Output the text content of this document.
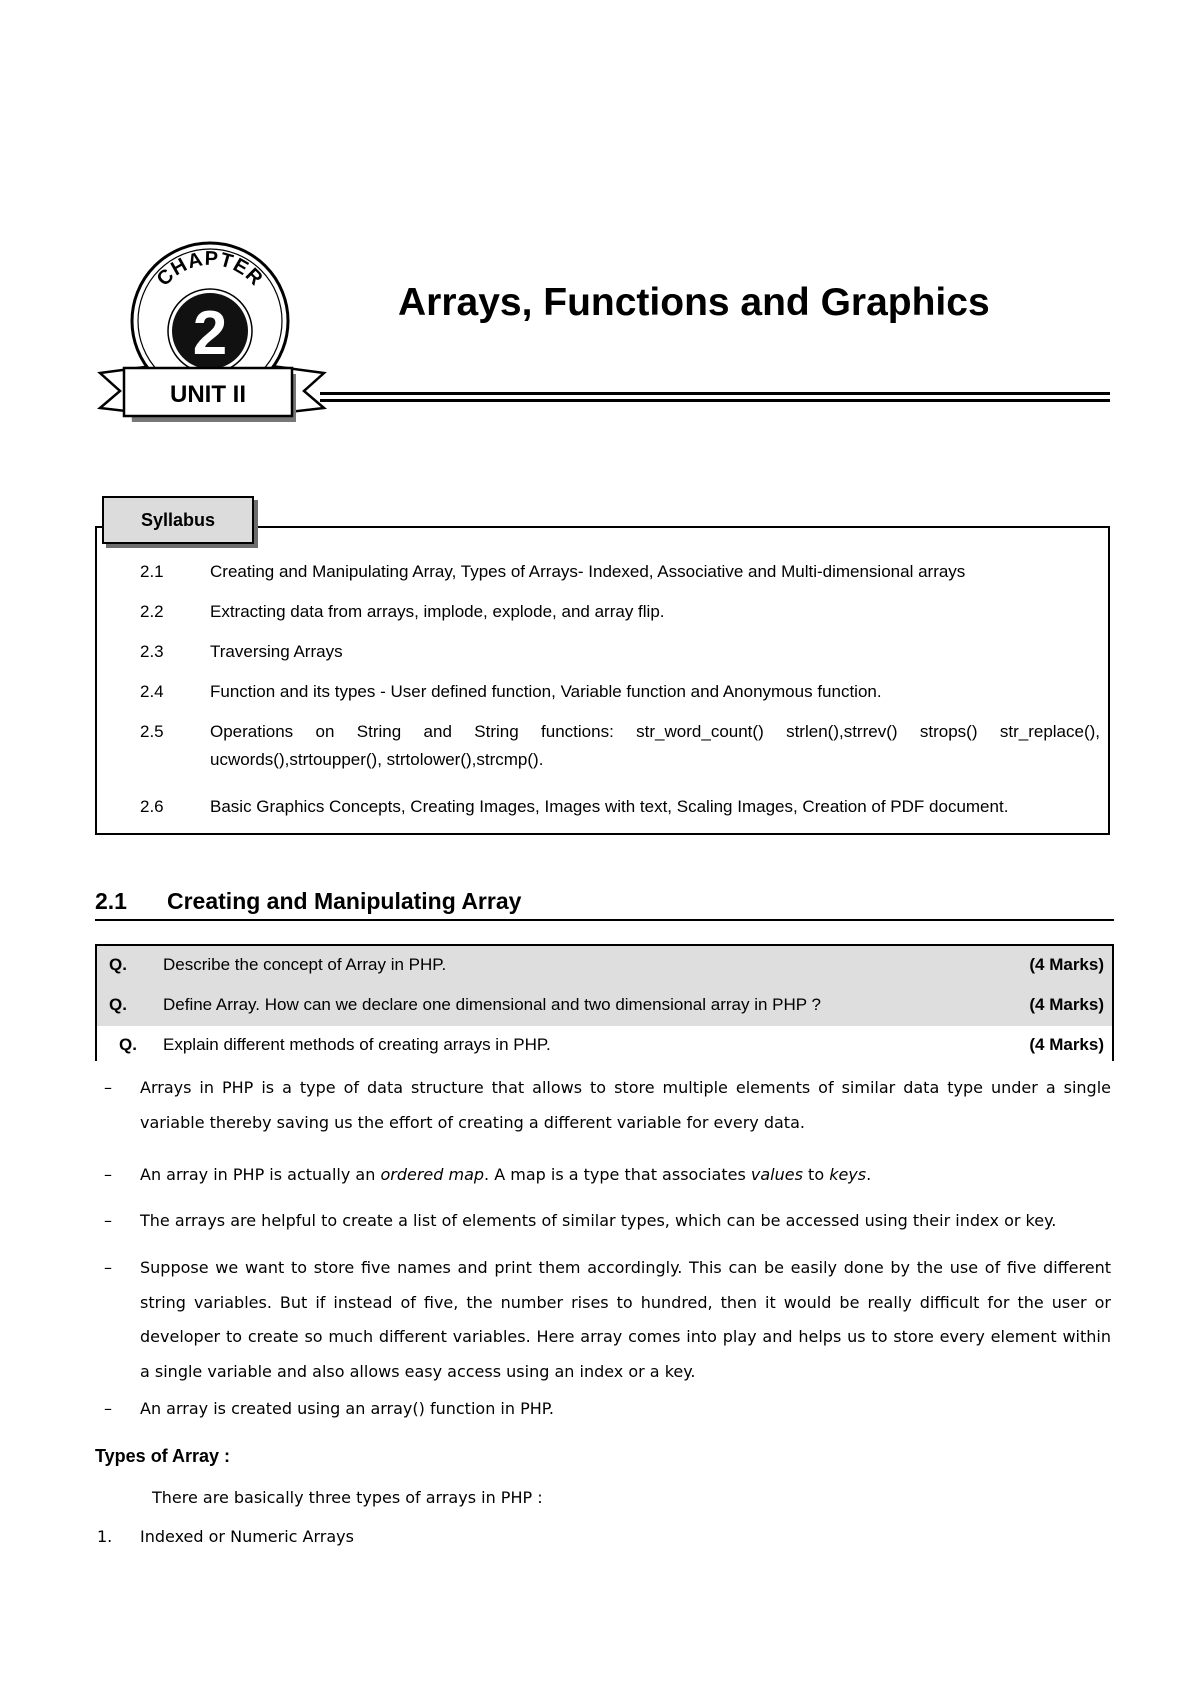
CHAPTER
2
UNIT II
Arrays, Functions and Graphics
Syllabus
2.1	Creating and Manipulating Array, Types of Arrays- Indexed, Associative and Multi-dimensional arrays
2.2	Extracting data from arrays, implode, explode, and array flip.
2.3	Traversing Arrays
2.4	Function and its types - User defined function, Variable function and Anonymous function.
2.5	Operations on String and String functions: str_word_count() strlen(),strrev() strops() str_replace(),
ucwords(),strtoupper(), strtolower(),strcmp().
2.6	Basic Graphics Concepts, Creating Images, Images with text, Scaling Images, Creation of PDF document.
2.1 Creating and Manipulating Array
Q. Describe the concept of Array in PHP.	(4 Marks)
Q. Define Array. How can we declare one dimensional and two dimensional array in PHP ?	(4 Marks)
Q. Explain different methods of creating arrays in PHP.	(4 Marks)
– Arrays in PHP is a type of data structure that allows to store multiple elements of similar data type under a single variable thereby saving us the effort of creating a different variable for every data.
– An array in PHP is actually an ordered map. A map is a type that associates values to keys.
– The arrays are helpful to create a list of elements of similar types, which can be accessed using their index or key.
– Suppose we want to store five names and print them accordingly. This can be easily done by the use of five different string variables. But if instead of five, the number rises to hundred, then it would be really difficult for the user or developer to create so much different variables. Here array comes into play and helps us to store every element within a single variable and also allows easy access using an index or a key.
– An array is created using an array() function in PHP.
Types of Array :
There are basically three types of arrays in PHP :
1. Indexed or Numeric Arrays
